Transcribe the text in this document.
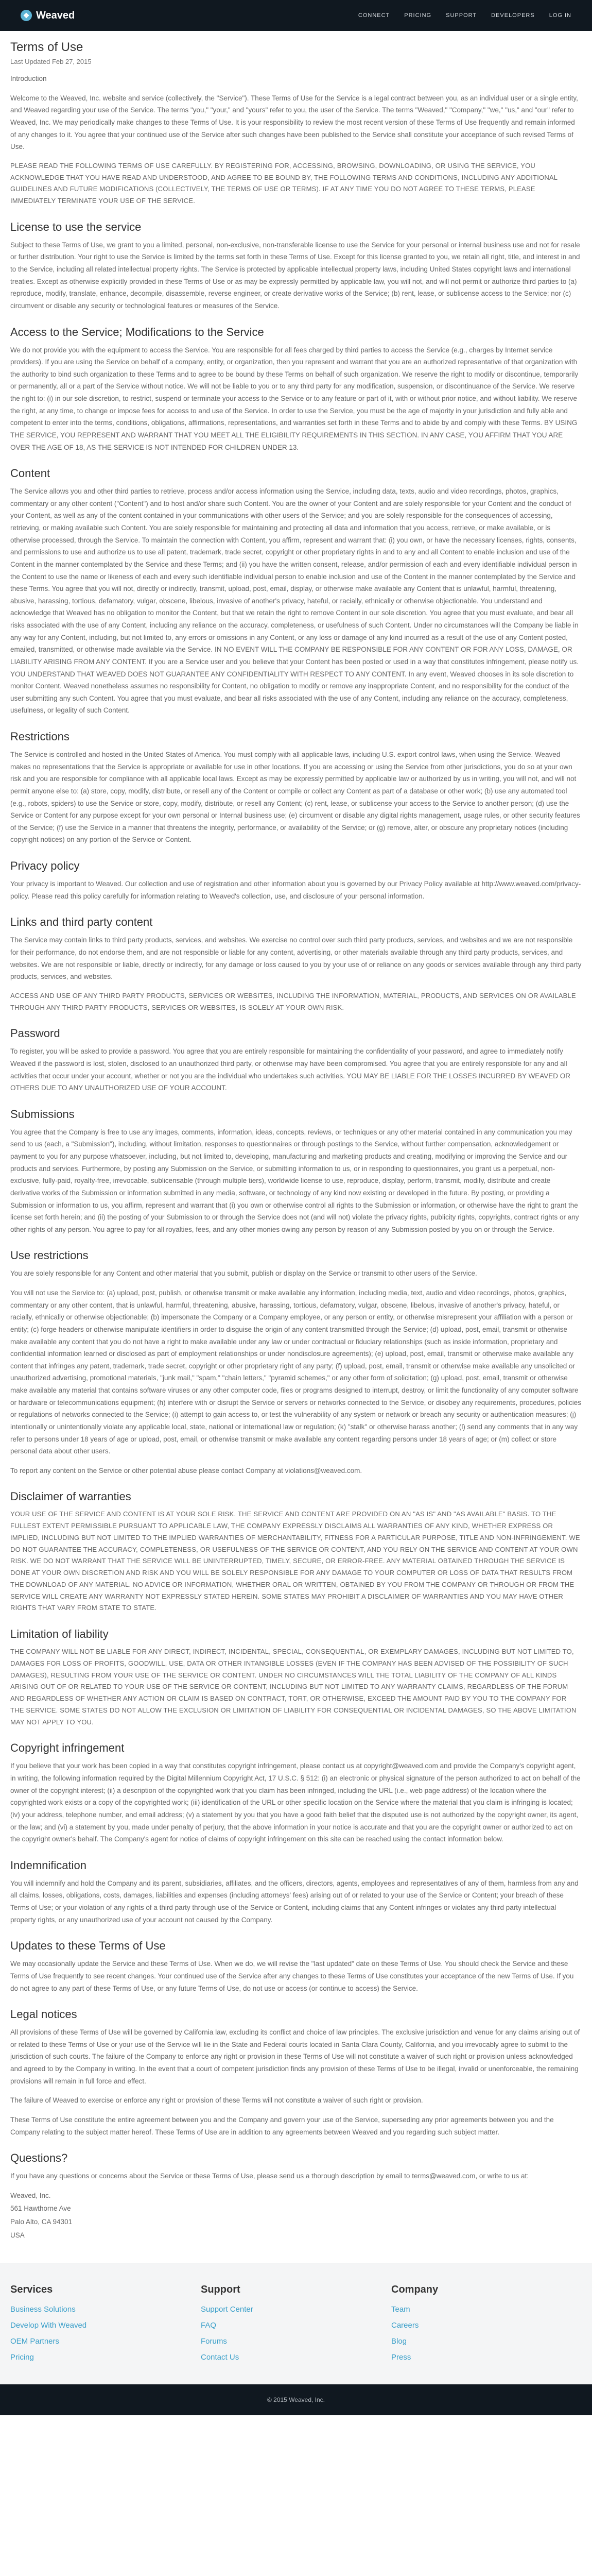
❖ Weaved	CONNECT	PRICING	SUPPORT	DEVELOPERS	LOG IN
Terms of Use
Last Updated Feb 27, 2015

Introduction

Welcome to the Weaved, Inc. website and service (collectively, the "Service"). These Terms of Use for the Service is a legal contract between you, as an individual user or a single entity, and Weaved regarding your use of the Service. The terms "you," "your," and "yours" refer to you, the user of the Service. The terms "Weaved," "Company," "we," "us," and "our" refer to Weaved, Inc. We may periodically make changes to these Terms of Use. It is your responsibility to review the most recent version of these Terms of Use frequently and remain informed of any changes to it. You agree that your continued use of the Service after such changes have been published to the Service shall constitute your acceptance of such revised Terms of Use.

PLEASE READ THE FOLLOWING TERMS OF USE CAREFULLY. BY REGISTERING FOR, ACCESSING, BROWSING, DOWNLOADING, OR USING THE SERVICE, YOU ACKNOWLEDGE THAT YOU HAVE READ AND UNDERSTOOD, AND AGREE TO BE BOUND BY, THE FOLLOWING TERMS AND CONDITIONS, INCLUDING ANY ADDITIONAL GUIDELINES AND FUTURE MODIFICATIONS (COLLECTIVELY, THE TERMS OF USE OR TERMS). IF AT ANY TIME YOU DO NOT AGREE TO THESE TERMS, PLEASE IMMEDIATELY TERMINATE YOUR USE OF THE SERVICE.

License to use the service

Subject to these Terms of Use, we grant to you a limited, personal, non-exclusive, non-transferable license to use the Service for your personal or internal business use and not for resale or further distribution. Your right to use the Service is limited by the terms set forth in these Terms of Use. Except for this license granted to you, we retain all right, title, and interest in and to the Service, including all related intellectual property rights. The Service is protected by applicable intellectual property laws, including United States copyright laws and international treaties. Except as otherwise explicitly provided in these Terms of Use or as may be expressly permitted by applicable law, you will not, and will not permit or authorize third parties to (a) reproduce, modify, translate, enhance, decompile, disassemble, reverse engineer, or create derivative works of the Service; (b) rent, lease, or sublicense access to the Service; nor (c) circumvent or disable any security or technological features or measures of the Service.

Access to the Service; Modifications to the Service

We do not provide you with the equipment to access the Service. You are responsible for all fees charged by third parties to access the Service (e.g., charges by Internet service providers). If you are using the Service on behalf of a company, entity, or organization, then you represent and warrant that you are an authorized representative of that organization with the authority to bind such organization to these Terms and to agree to be bound by these Terms on behalf of such organization. We reserve the right to modify or discontinue, temporarily or permanently, all or a part of the Service without notice. We will not be liable to you or to any third party for any modification, suspension, or discontinuance of the Service. We reserve the right to: (i) in our sole discretion, to restrict, suspend or terminate your access to the Service or to any feature or part of it, with or without prior notice, and without liability. We reserve the right, at any time, to change or impose fees for access to and use of the Service. In order to use the Service, you must be the age of majority in your jurisdiction and fully able and competent to enter into the terms, conditions, obligations, affirmations, representations, and warranties set forth in these Terms and to abide by and comply with these Terms. BY USING THE SERVICE, YOU REPRESENT AND WARRANT THAT YOU MEET ALL THE ELIGIBILITY REQUIREMENTS IN THIS SECTION. IN ANY CASE, YOU AFFIRM THAT YOU ARE OVER THE AGE OF 18, AS THE SERVICE IS NOT INTENDED FOR CHILDREN UNDER 13.

Content

The Service allows you and other third parties to retrieve, process and/or access information using the Service, including data, texts, audio and video recordings, photos, graphics, commentary or any other content ("Content") and to host and/or share such Content. You are the owner of your Content and are solely responsible for your Content and the conduct of your Content, as well as any of the content contained in your communications with other users of the Service; and you are solely responsible for the consequences of accessing, retrieving, or making available such Content. You are solely responsible for maintaining and protecting all data and information that you access, retrieve, or make available, or is otherwise processed, through the Service. To maintain the connection with Content, you affirm, represent and warrant that: (i) you own, or have the necessary licenses, rights, consents, and permissions to use and authorize us to use all patent, trademark, trade secret, copyright or other proprietary rights in and to any and all Content to enable inclusion and use of the Content in the manner contemplated by the Service and these Terms; and (ii) you have the written consent, release, and/or permission of each and every identifiable individual person in the Content to use the name or likeness of each and every such identifiable individual person to enable inclusion and use of the Content in the manner contemplated by the Service and these Terms. You agree that you will not, directly or indirectly, transmit, upload, post, email, display, or otherwise make available any Content that is unlawful, harmful, threatening, abusive, harassing, tortious, defamatory, vulgar, obscene, libelous, invasive of another's privacy, hateful, or racially, ethnically or otherwise objectionable. You understand and acknowledge that Weaved has no obligation to monitor the Content, but that we retain the right to remove Content in our sole discretion. You agree that you must evaluate, and bear all risks associated with the use of any Content, including any reliance on the accuracy, completeness, or usefulness of such Content. Under no circumstances will the Company be liable in any way for any Content, including, but not limited to, any errors or omissions in any Content, or any loss or damage of any kind incurred as a result of the use of any Content posted, emailed, transmitted, or otherwise made available via the Service. IN NO EVENT WILL THE COMPANY BE RESPONSIBLE FOR ANY CONTENT OR FOR ANY LOSS, DAMAGE, OR LIABILITY ARISING FROM ANY CONTENT. If you are a Service user and you believe that your Content has been posted or used in a way that constitutes infringement, please notify us. YOU UNDERSTAND THAT WEAVED DOES NOT GUARANTEE ANY CONFIDENTIALITY WITH RESPECT TO ANY CONTENT. In any event, Weaved chooses in its sole discretion to monitor Content. Weaved nonetheless assumes no responsibility for Content, no obligation to modify or remove any inappropriate Content, and no responsibility for the conduct of the user submitting any such Content. You agree that you must evaluate, and bear all risks associated with the use of any Content, including any reliance on the accuracy, completeness, usefulness, or legality of such Content.

Restrictions

The Service is controlled and hosted in the United States of America. You must comply with all applicable laws, including U.S. export control laws, when using the Service. Weaved makes no representations that the Service is appropriate or available for use in other locations. If you are accessing or using the Service from other jurisdictions, you do so at your own risk and you are responsible for compliance with all applicable local laws. Except as may be expressly permitted by applicable law or authorized by us in writing, you will not, and will not permit anyone else to: (a) store, copy, modify, distribute, or resell any of the Content or compile or collect any Content as part of a database or other work; (b) use any automated tool (e.g., robots, spiders) to use the Service or store, copy, modify, distribute, or resell any Content; (c) rent, lease, or sublicense your access to the Service to another person; (d) use the Service or Content for any purpose except for your own personal or Internal business use; (e) circumvent or disable any digital rights management, usage rules, or other security features of the Service; (f) use the Service in a manner that threatens the integrity, performance, or availability of the Service; or (g) remove, alter, or obscure any proprietary notices (including copyright notices) on any portion of the Service or Content.

Privacy policy

Your privacy is important to Weaved. Our collection and use of registration and other information about you is governed by our Privacy Policy available at http://www.weaved.com/privacy-policy. Please read this policy carefully for information relating to Weaved's collection, use, and disclosure of your personal information.

Links and third party content

The Service may contain links to third party products, services, and websites. We exercise no control over such third party products, services, and websites and we are not responsible for their performance, do not endorse them, and are not responsible or liable for any content, advertising, or other materials available through any third party products, services, and websites. We are not responsible or liable, directly or indirectly, for any damage or loss caused to you by your use of or reliance on any goods or services available through any third party products, services, and websites.

ACCESS AND USE OF ANY THIRD PARTY PRODUCTS, SERVICES OR WEBSITES, INCLUDING THE INFORMATION, MATERIAL, PRODUCTS, AND SERVICES ON OR AVAILABLE THROUGH ANY THIRD PARTY PRODUCTS, SERVICES OR WEBSITES, IS SOLELY AT YOUR OWN RISK.

Password

To register, you will be asked to provide a password. You agree that you are entirely responsible for maintaining the confidentiality of your password, and agree to immediately notify Weaved if the password is lost, stolen, disclosed to an unauthorized third party, or otherwise may have been compromised. You agree that you are entirely responsible for any and all activities that occur under your account, whether or not you are the individual who undertakes such activities. YOU MAY BE LIABLE FOR THE LOSSES INCURRED BY WEAVED OR OTHERS DUE TO ANY UNAUTHORIZED USE OF YOUR ACCOUNT.

Submissions

You agree that the Company is free to use any images, comments, information, ideas, concepts, reviews, or techniques or any other material contained in any communication you may send to us (each, a "Submission"), including, without limitation, responses to questionnaires or through postings to the Service, without further compensation, acknowledgement or payment to you for any purpose whatsoever, including, but not limited to, developing, manufacturing and marketing products and creating, modifying or improving the Service and our products and services. Furthermore, by posting any Submission on the Service, or submitting information to us, or in responding to questionnaires, you grant us a perpetual, non-exclusive, fully-paid, royalty-free, irrevocable, sublicensable (through multiple tiers), worldwide license to use, reproduce, display, perform, transmit, modify, distribute and create derivative works of the Submission or information submitted in any media, software, or technology of any kind now existing or developed in the future. By posting, or providing a Submission or information to us, you affirm, represent and warrant that (i) you own or otherwise control all rights to the Submission or information, or otherwise have the right to grant the license set forth herein; and (ii) the posting of your Submission to or through the Service does not (and will not) violate the privacy rights, publicity rights, copyrights, contract rights or any other rights of any person. You agree to pay for all royalties, fees, and any other monies owing any person by reason of any Submission posted by you on or through the Service.

Use restrictions

You are solely responsible for any Content and other material that you submit, publish or display on the Service or transmit to other users of the Service.

You will not use the Service to: (a) upload, post, publish, or otherwise transmit or make available any information, including media, text, audio and video recordings, photos, graphics, commentary or any other content, that is unlawful, harmful, threatening, abusive, harassing, tortious, defamatory, vulgar, obscene, libelous, invasive of another's privacy, hateful, or racially, ethnically or otherwise objectionable; (b) impersonate the Company or a Company employee, or any person or entity, or otherwise misrepresent your affiliation with a person or entity; (c) forge headers or otherwise manipulate identifiers in order to disguise the origin of any content transmitted through the Service; (d) upload, post, email, transmit or otherwise make available any content that you do not have a right to make available under any law or under contractual or fiduciary relationships (such as inside information, proprietary and confidential information learned or disclosed as part of employment relationships or under nondisclosure agreements); (e) upload, post, email, transmit or otherwise make available any content that infringes any patent, trademark, trade secret, copyright or other proprietary right of any party; (f) upload, post, email, transmit or otherwise make available any unsolicited or unauthorized advertising, promotional materials, "junk mail," "spam," "chain letters," "pyramid schemes," or any other form of solicitation; (g) upload, post, email, transmit or otherwise make available any material that contains software viruses or any other computer code, files or programs designed to interrupt, destroy, or limit the functionality of any computer software or hardware or telecommunications equipment; (h) interfere with or disrupt the Service or servers or networks connected to the Service, or disobey any requirements, procedures, policies or regulations of networks connected to the Service; (i) attempt to gain access to, or test the vulnerability of any system or network or breach any security or authentication measures; (j) intentionally or unintentionally violate any applicable local, state, national or international law or regulation; (k) "stalk" or otherwise harass another; (l) send any comments that in any way refer to persons under 18 years of age or upload, post, email, or otherwise transmit or make available any content regarding persons under 18 years of age; or (m) collect or store personal data about other users.

To report any content on the Service or other potential abuse please contact Company at violations@weaved.com.

Disclaimer of warranties

YOUR USE OF THE SERVICE AND CONTENT IS AT YOUR SOLE RISK. THE SERVICE AND CONTENT ARE PROVIDED ON AN "AS IS" AND "AS AVAILABLE" BASIS. TO THE FULLEST EXTENT PERMISSIBLE PURSUANT TO APPLICABLE LAW, THE COMPANY EXPRESSLY DISCLAIMS ALL WARRANTIES OF ANY KIND, WHETHER EXPRESS OR IMPLIED, INCLUDING BUT NOT LIMITED TO THE IMPLIED WARRANTIES OF MERCHANTABILITY, FITNESS FOR A PARTICULAR PURPOSE, TITLE AND NON-INFRINGEMENT. WE DO NOT GUARANTEE THE ACCURACY, COMPLETENESS, OR USEFULNESS OF THE SERVICE OR CONTENT, AND YOU RELY ON THE SERVICE AND CONTENT AT YOUR OWN RISK. WE DO NOT WARRANT THAT THE SERVICE WILL BE UNINTERRUPTED, TIMELY, SECURE, OR ERROR-FREE. ANY MATERIAL OBTAINED THROUGH THE SERVICE IS DONE AT YOUR OWN DISCRETION AND RISK AND YOU WILL BE SOLELY RESPONSIBLE FOR ANY DAMAGE TO YOUR COMPUTER OR LOSS OF DATA THAT RESULTS FROM THE DOWNLOAD OF ANY MATERIAL. NO ADVICE OR INFORMATION, WHETHER ORAL OR WRITTEN, OBTAINED BY YOU FROM THE COMPANY OR THROUGH OR FROM THE SERVICE WILL CREATE ANY WARRANTY NOT EXPRESSLY STATED HEREIN. SOME STATES MAY PROHIBIT A DISCLAIMER OF WARRANTIES AND YOU MAY HAVE OTHER RIGHTS THAT VARY FROM STATE TO STATE.

Limitation of liability

THE COMPANY WILL NOT BE LIABLE FOR ANY DIRECT, INDIRECT, INCIDENTAL, SPECIAL, CONSEQUENTIAL, OR EXEMPLARY DAMAGES, INCLUDING BUT NOT LIMITED TO, DAMAGES FOR LOSS OF PROFITS, GOODWILL, USE, DATA OR OTHER INTANGIBLE LOSSES (EVEN IF THE COMPANY HAS BEEN ADVISED OF THE POSSIBILITY OF SUCH DAMAGES), RESULTING FROM YOUR USE OF THE SERVICE OR CONTENT. UNDER NO CIRCUMSTANCES WILL THE TOTAL LIABILITY OF THE COMPANY OF ALL KINDS ARISING OUT OF OR RELATED TO YOUR USE OF THE SERVICE OR CONTENT, INCLUDING BUT NOT LIMITED TO ANY WARRANTY CLAIMS, REGARDLESS OF THE FORUM AND REGARDLESS OF WHETHER ANY ACTION OR CLAIM IS BASED ON CONTRACT, TORT, OR OTHERWISE, EXCEED THE AMOUNT PAID BY YOU TO THE COMPANY FOR THE SERVICE. SOME STATES DO NOT ALLOW THE EXCLUSION OR LIMITATION OF LIABILITY FOR CONSEQUENTIAL OR INCIDENTAL DAMAGES, SO THE ABOVE LIMITATION MAY NOT APPLY TO YOU.

Copyright infringement

If you believe that your work has been copied in a way that constitutes copyright infringement, please contact us at copyright@weaved.com and provide the Company's copyright agent, in writing, the following information required by the Digital Millennium Copyright Act, 17 U.S.C. § 512: (i) an electronic or physical signature of the person authorized to act on behalf of the owner of the copyright interest; (ii) a description of the copyrighted work that you claim has been infringed, including the URL (i.e., web page address) of the location where the copyrighted work exists or a copy of the copyrighted work; (iii) identification of the URL or other specific location on the Service where the material that you claim is infringing is located; (iv) your address, telephone number, and email address; (v) a statement by you that you have a good faith belief that the disputed use is not authorized by the copyright owner, its agent, or the law; and (vi) a statement by you, made under penalty of perjury, that the above information in your notice is accurate and that you are the copyright owner or authorized to act on the copyright owner's behalf. The Company's agent for notice of claims of copyright infringement on this site can be reached using the contact information below.

Indemnification

You will indemnify and hold the Company and its parent, subsidiaries, affiliates, and the officers, directors, agents, employees and representatives of any of them, harmless from any and all claims, losses, obligations, costs, damages, liabilities and expenses (including attorneys' fees) arising out of or related to your use of the Service or Content; your breach of these Terms of Use; or your violation of any rights of a third party through use of the Service or Content, including claims that any Content infringes or violates any third party intellectual property rights, or any unauthorized use of your account not caused by the Company.

Updates to these Terms of Use

We may occasionally update the Service and these Terms of Use. When we do, we will revise the "last updated" date on these Terms of Use. You should check the Service and these Terms of Use frequently to see recent changes. Your continued use of the Service after any changes to these Terms of Use constitutes your acceptance of the new Terms of Use. If you do not agree to any part of these Terms of Use, or any future Terms of Use, do not use or access (or continue to access) the Service.

Legal notices

All provisions of these Terms of Use will be governed by California law, excluding its conflict and choice of law principles. The exclusive jurisdiction and venue for any claims arising out of or related to these Terms of Use or your use of the Service will lie in the State and Federal courts located in Santa Clara County, California, and you irrevocably agree to submit to the jurisdiction of such courts. The failure of the Company to enforce any right or provision in these Terms of Use will not constitute a waiver of such right or provision unless acknowledged and agreed to by the Company in writing. In the event that a court of competent jurisdiction finds any provision of these Terms of Use to be illegal, invalid or unenforceable, the remaining provisions will remain in full force and effect.

The failure of Weaved to exercise or enforce any right or provision of these Terms will not constitute a waiver of such right or provision.

These Terms of Use constitute the entire agreement between you and the Company and govern your use of the Service, superseding any prior agreements between you and the Company relating to the subject matter hereof. These Terms of Use are in addition to any agreements between Weaved and you regarding such subject matter.

Questions?

If you have any questions or concerns about the Service or these Terms of Use, please send us a thorough description by email to terms@weaved.com, or write to us at:

Weaved, Inc.

561 Hawthorne Ave

Palo Alto, CA 94301

USA

Services
Business Solutions
Develop With Weaved
OEM Partners
Pricing
Support
Support Center
FAQ
Forums
Contact Us
Company
Team
Careers
Blog
Press
© 2015 Weaved, Inc.
